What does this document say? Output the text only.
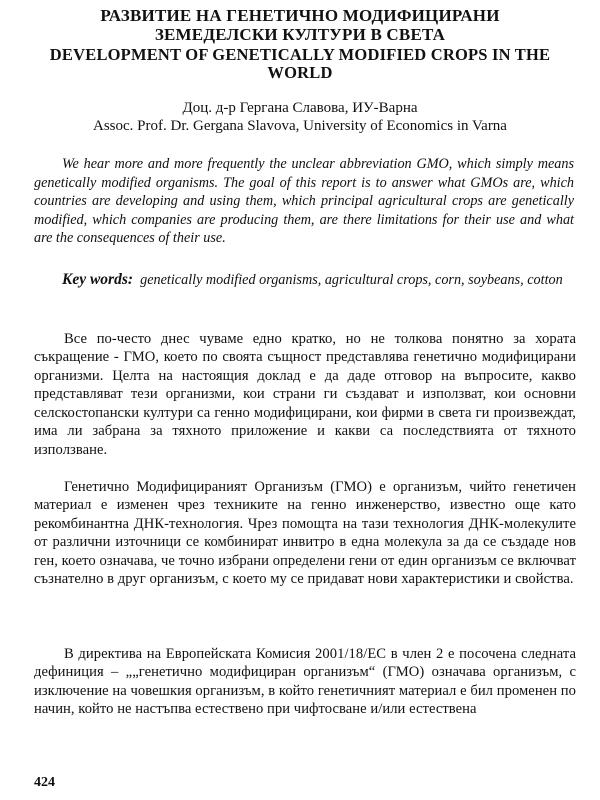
РАЗВИТИЕ НА ГЕНЕТИЧНО МОДИФИЦИРАНИ
ЗЕМЕДЕЛСКИ КУЛТУРИ В СВЕТА
DEVELOPMENT OF GENETICALLY MODIFIED CROPS IN THE
WORLD
Доц. д-р Гергана Славова, ИУ-Варна
Assoc. Prof. Dr. Gergana Slavova, University of Economics in Varna
We hear more and more frequently the unclear abbreviation GMO, which simply means genetically modified organisms. The goal of this report is to answer what GMOs are, which countries are developing and using them, which principal agricultural crops are genetically modified, which companies are producing them, are there limitations for their use and what are the consequences of their use.
Key words: genetically modified organisms, agricultural crops, corn, soybeans, cotton
Все по-често днес чуваме едно кратко, но не толкова понятно за хората съкращение - ГМО, което по своята същност представлява генетично модифицирани организми. Целта на настоящия доклад е да даде отговор на въпросите, какво представляват тези организми, кои страни ги създават и използват, кои основни селскостопански култури са генно модифицирани, кои фирми в света ги произвеждат, има ли забрана за тяхното приложение и какви са последствията от тяхното използване.
Генетично Модифицираният Организъм (ГМО) е организъм, чийто генетичен материал е изменен чрез техниките на генно инженерство, известно още като рекомбинантна ДНК-технология. Чрез помощта на тази технология ДНК-молекулите от различни източници се комбинират инвитро в една молекула за да се създаде нов ген, което означава, че точно избрани определени гени от един организъм се включват съзнателно в друг организъм, с което му се придават нови характеристики и свойства.
В директива на Европейската Комисия 2001/18/ЕС в член 2 е посочена следната дефиниция – „„генетично модифициран организъм“ (ГМО) означава организъм, с изключение на човешкия организъм, в който генетичният материал е бил променен по начин, който не настъпва естествено при чифтосване и/или естествена
424
